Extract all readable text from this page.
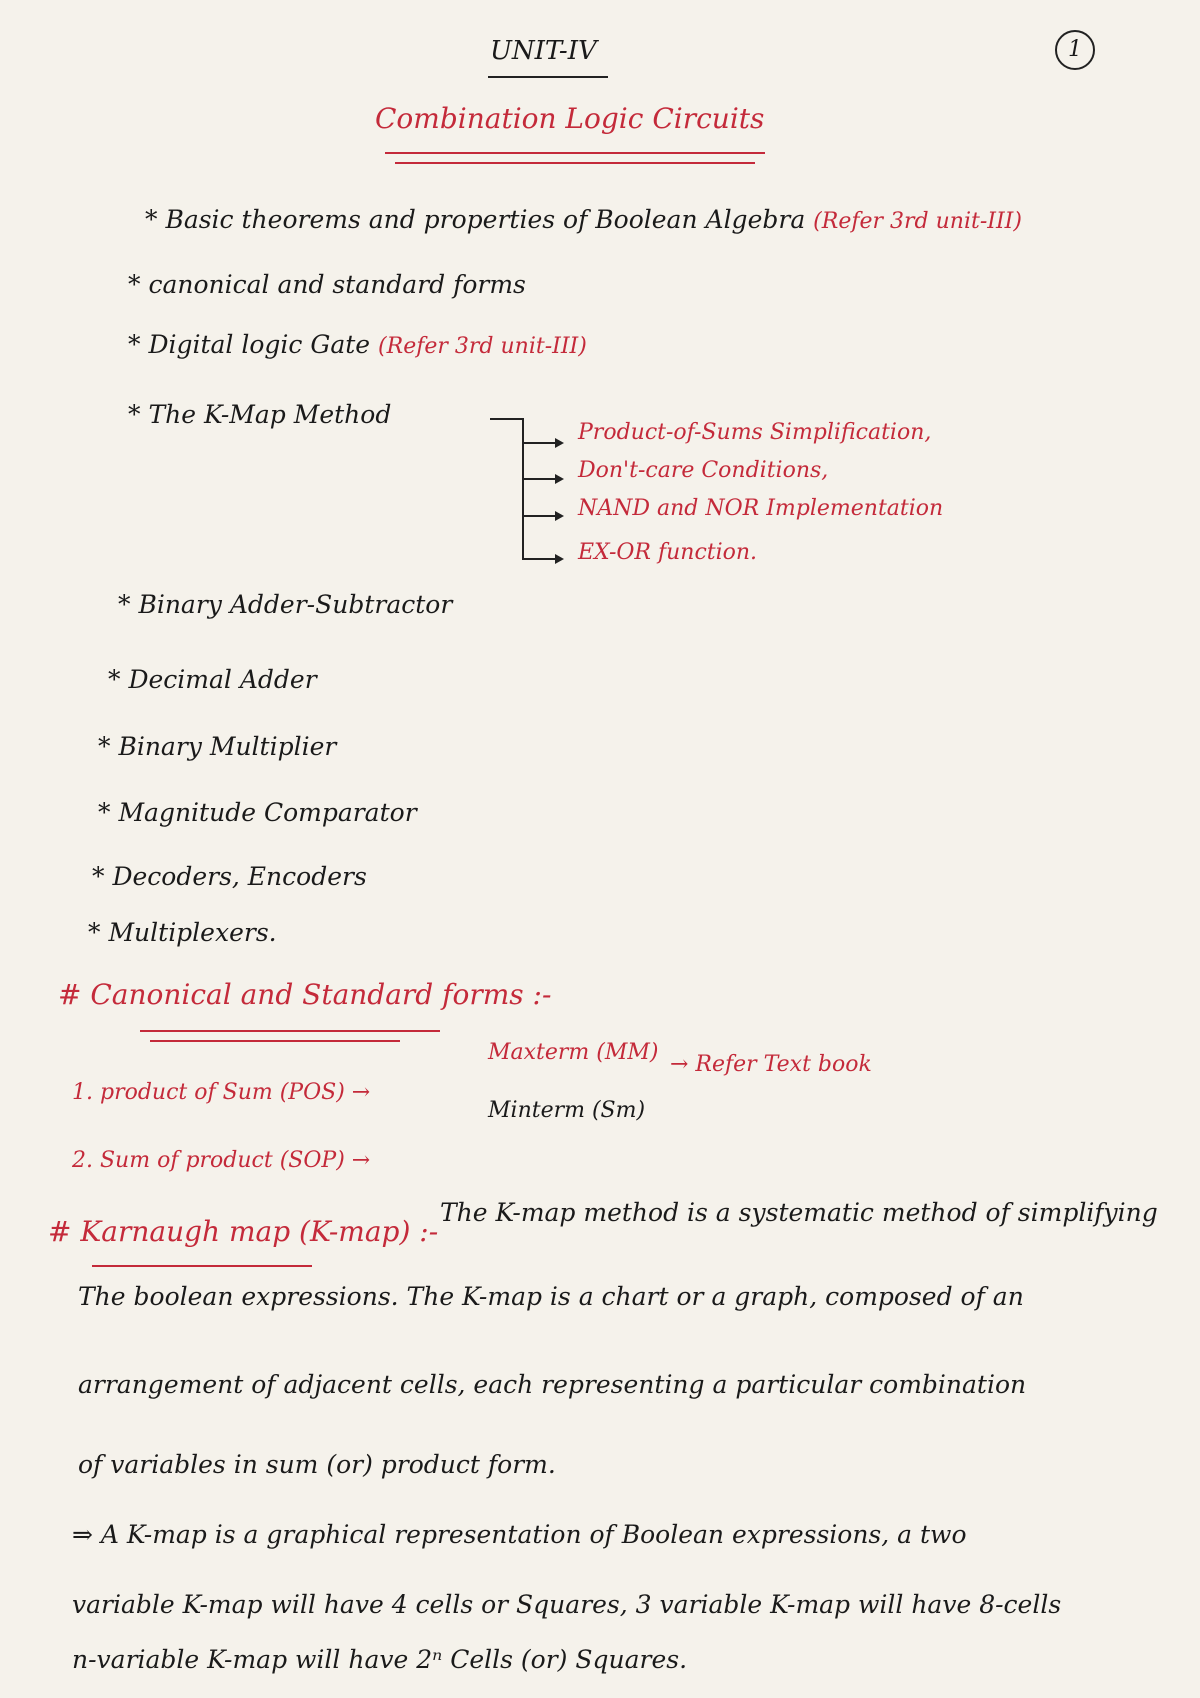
UNIT-IV	1
Combination Logic Circuits
* Basic theorems and properties of Boolean Algebra (Refer 3rd unit-III)
* canonical and standard forms
* Digital logic Gate (Refer 3rd unit-III)
* The K-Map Method
Product-of-Sums Simplification,
Don't-care Conditions,
NAND and NOR Implementation
EX-OR function.
* Binary Adder-Subtractor
* Decimal Adder
* Binary Multiplier
* Magnitude Comparator
* Decoders, Encoders
* Multiplexers.
# Canonical and Standard forms :-
Maxterm (MM)
1. product of Sum (POS) →
→ Refer Text book
Minterm (Sm)
2. Sum of product (SOP) →
# Karnaugh map (K-map) :-
The K-map method is a systematic method of simplifying
The boolean expressions. The K-map is a chart or a graph, composed of an
arrangement of adjacent cells, each representing a particular combination
of variables in sum (or) product form.
⇒ A K-map is a graphical representation of Boolean expressions, a two
variable K-map will have 4 cells or Squares, 3 variable K-map will have 8-cells
n-variable K-map will have 2ⁿ Cells (or) Squares.
